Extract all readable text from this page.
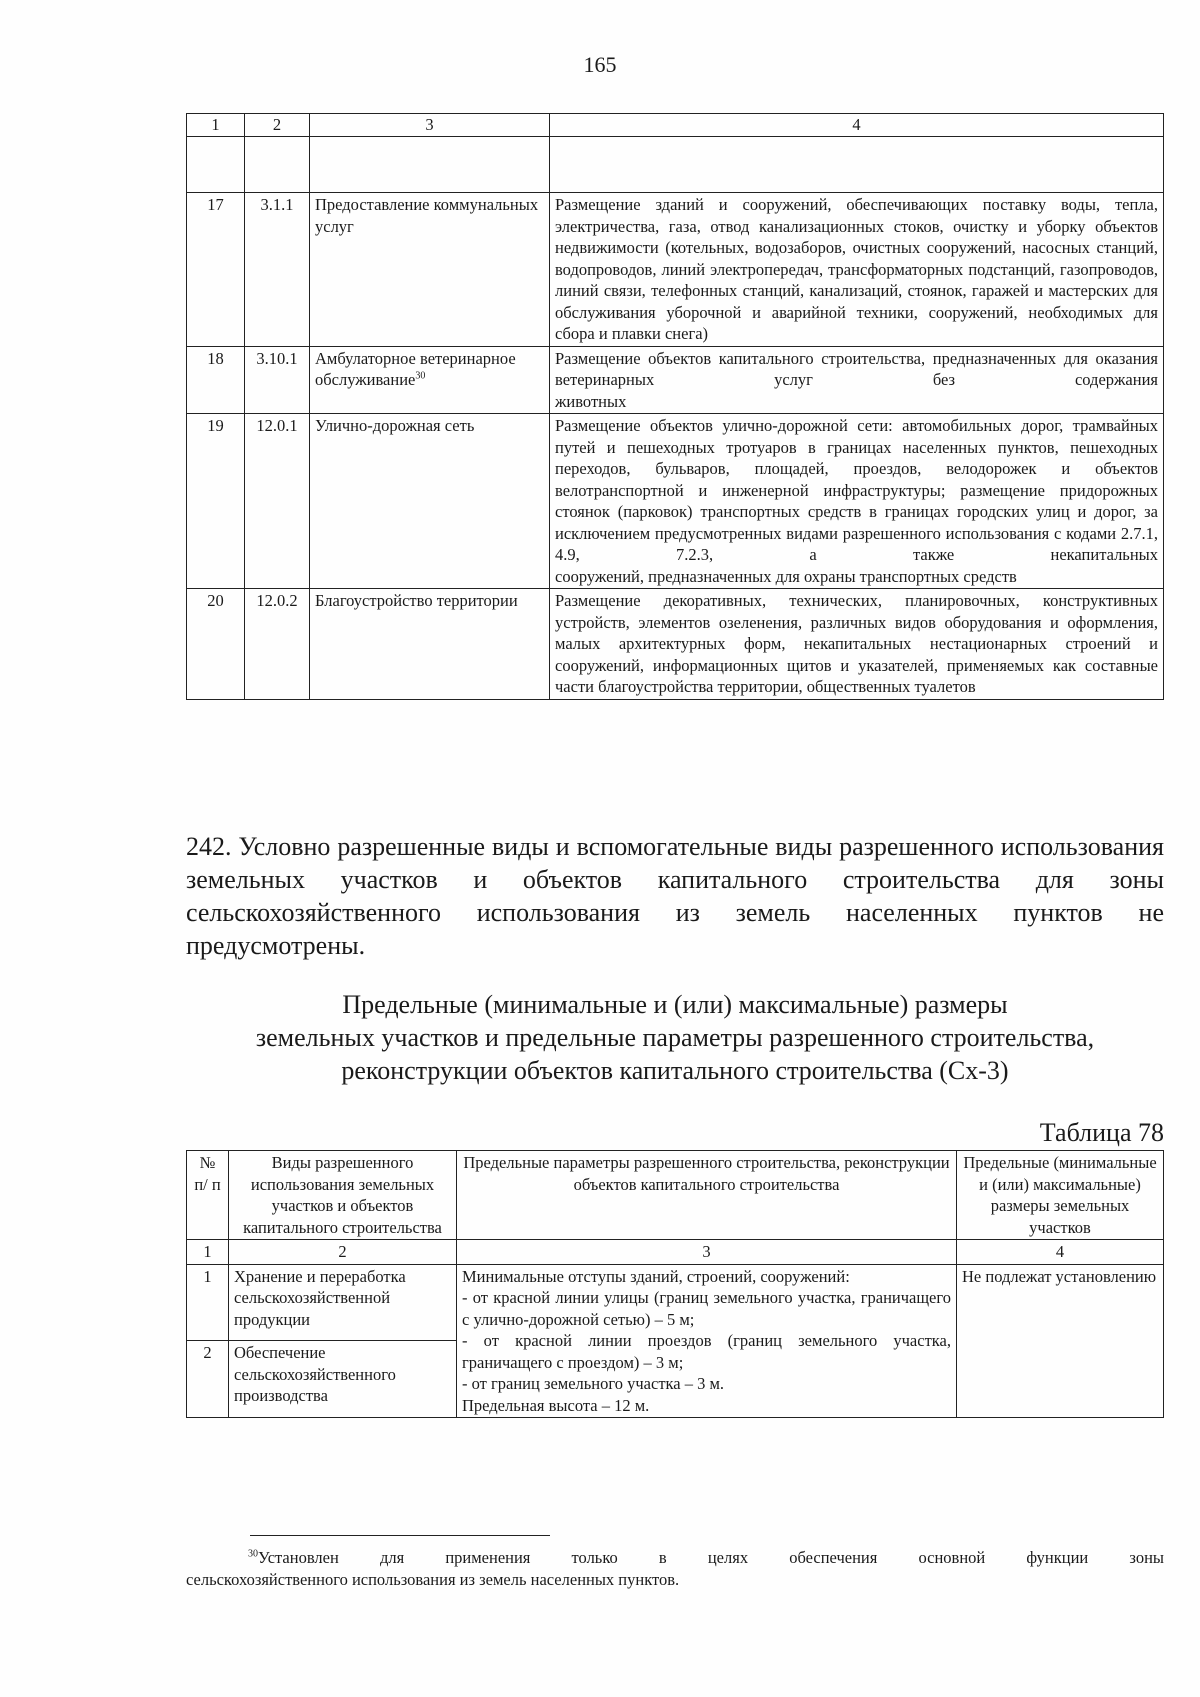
165
1	2	3	4

17	3.1.1	Предоставление коммунальных услуг	Размещение зданий и сооружений, обеспечивающих поставку воды, тепла, электричества, газа, отвод канализационных стоков, очистку и уборку объектов недвижимости (котельных, водозаборов, очистных сооружений, насосных станций, водопроводов, линий электропередач, трансформаторных подстанций, газопроводов, линий связи, телефонных станций, канализаций, стоянок, гаражей и мастерских для обслуживания уборочной и аварийной техники, сооружений, необходимых для
сбора и плавки снега)

18	3.10.1	Амбулаторное ветеринарное обслуживание$^{30}$	Размещение объектов капитального строительства, предназначенных для оказания ветеринарных услуг без содержания
животных

19	12.0.1	Улично-дорожная сеть	Размещение объектов улично-дорожной сети: автомобильных дорог, трамвайных путей и пешеходных тротуаров в границах населенных пунктов, пешеходных переходов, бульваров, площадей, проездов, велодорожек и объектов велотранспортной и инженерной инфраструктуры; размещение придорожных стоянок (парковок) транспортных средств в границах городских улиц и дорог, за исключением предусмотренных видами разрешенного использования с кодами 2.7.1, 4.9, 7.2.3, а также некапитальных
сооружений, предназначенных для охраны транспортных средств

20	12.0.2	Благоустройство территории	Размещение декоративных, технических, планировочных, конструктивных устройств, элементов озеленения, различных видов оборудования и оформления, малых архитектурных форм, некапитальных нестационарных строений и сооружений, информационных щитов и указателей, применяемых как составные
части благоустройства территории, общественных туалетов
242. Условно разрешенные виды и вспомогательные виды разрешенного использования земельных участков и объектов капитального строительства для зоны сельскохозяйственного использования из земель населенных пунктов не предусмотрены.
Предельные (минимальные и (или) максимальные) размеры
земельных участков и предельные параметры разрешенного строительства,
реконструкции объектов капитального строительства (Сх-3)
Таблица 78
№ п/ п	Виды разрешенного использования земельных участков и объектов капитального строительства	Предельные параметры разрешенного строительства, реконструкции объектов капитального строительства	Предельные (минимальные и (или) максимальные) размеры земельных участков
1	2	3	4
1	Хранение и переработка сельскохозяйственной продукции	Минимальные отступы зданий, строений, сооружений:
- от красной линии улицы (границ земельного участка, граничащего с улично-дорожной сетью) – 5 м;
- от красной линии проездов (границ земельного участка, граничащего с проездом) – 3 м;
- от границ земельного участка – 3 м.
Предельная высота – 12 м.	Не подлежат установлению
2	Обеспечение сельскохозяйственного производства		
$^{30}$Установлен для применения только в целях обеспечения основной функции зоны
сельскохозяйственного использования из земель населенных пунктов.
